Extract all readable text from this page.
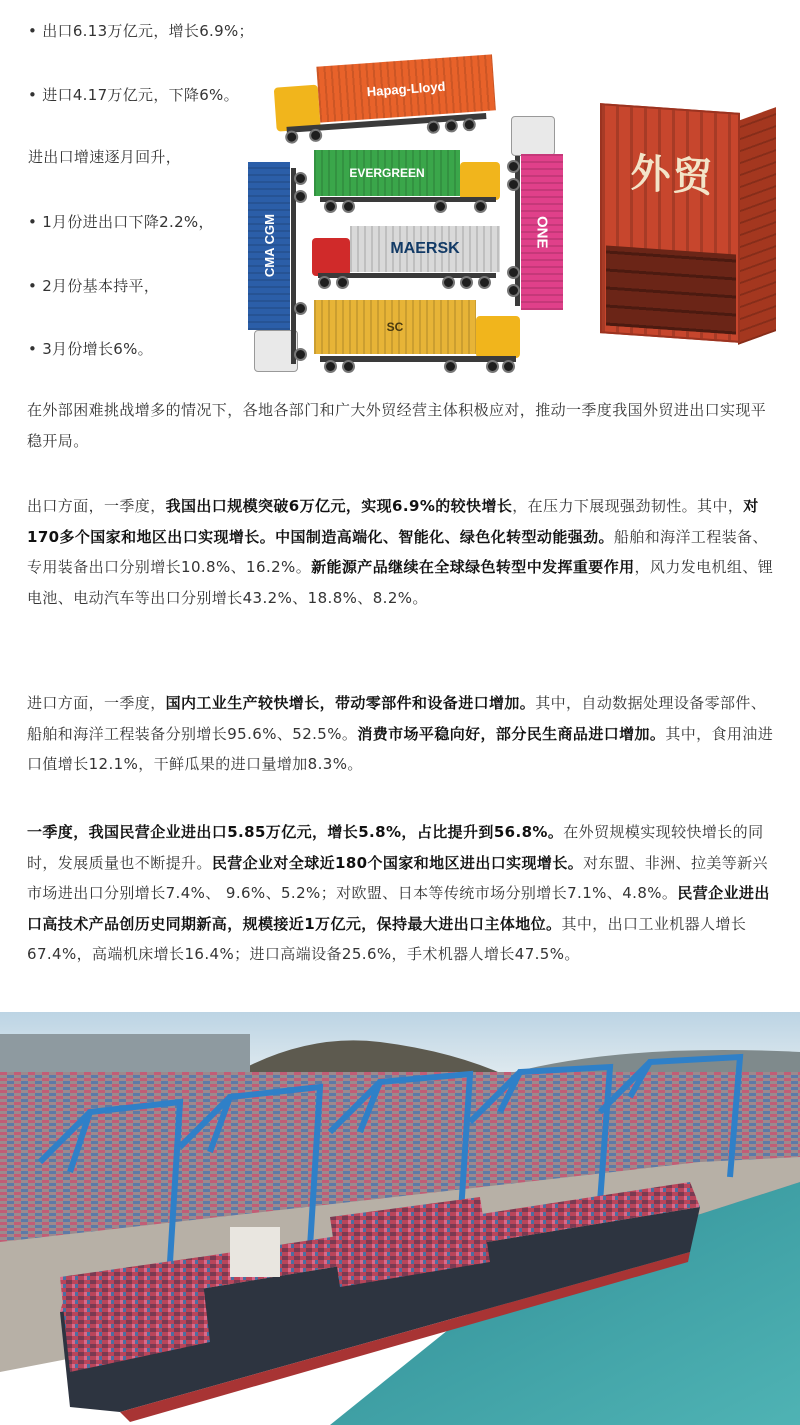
• 出口6.13万亿元，增长6.9%；
• 进口4.17万亿元，下降6%。
进出口增速逐月回升，
• 1月份进出口下降2.2%，
• 2月份基本持平，
• 3月份增长6%。
Hapag-Lloyd
EVERGREEN
MAERSK
SC
CMA CGM	ONE
外贸

在外部困难挑战增多的情况下，各地各部门和广大外贸经营主体积极应对，推动一季度我国外贸进出口实现平稳开局。

出口方面，一季度，我国出口规模突破6万亿元，实现6.9%的较快增长，在压力下展现强劲韧性。其中，对170多个国家和地区出口实现增长。中国制造高端化、智能化、绿色化转型动能强劲。船舶和海洋工程装备、专用装备出口分别增长10.8%、16.2%。新能源产品继续在全球绿色转型中发挥重要作用，风力发电机组、锂电池、电动汽车等出口分别增长43.2%、18.8%、8.2%。

进口方面，一季度，国内工业生产较快增长，带动零部件和设备进口增加。其中，自动数据处理设备零部件、船舶和海洋工程装备分别增长95.6%、52.5%。消费市场平稳向好，部分民生商品进口增加。其中，食用油进口值增长12.1%，干鲜瓜果的进口量增加8.3%。

一季度，我国民营企业进出口5.85万亿元，增长5.8%，占比提升到56.8%。在外贸规模实现较快增长的同时，发展质量也不断提升。民营企业对全球近180个国家和地区进出口实现增长。对东盟、非洲、拉美等新兴市场进出口分别增长7.4%、 9.6%、5.2%；对欧盟、日本等传统市场分别增长7.1%、4.8%。民营企业进出口高技术产品创历史同期新高，规模接近1万亿元，保持最大进出口主体地位。其中，出口工业机器人增长67.4%，高端机床增长16.4%；进口高端设备25.6%，手术机器人增长47.5%。
